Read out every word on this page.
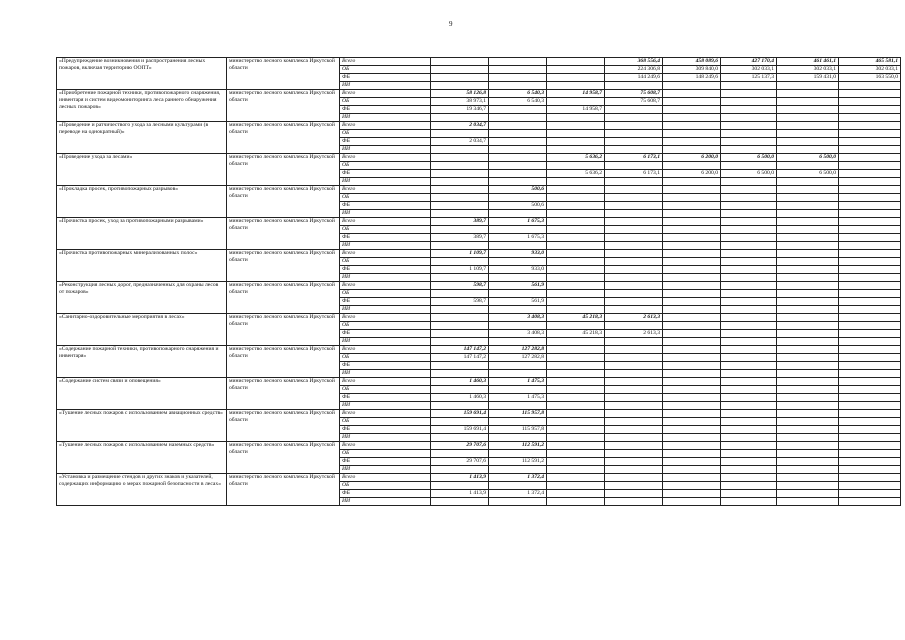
9
«Предупреждение возникновения и распространения лесных пожаров, включая территорию ООПТ»	министерство лесного комплекса Иркутской области	Всего				368 556,4	458 089,6	427 170,4	461 461,1	465 581,1
		ОБ				224 306,8	309 840,0	302 033,1	302 033,1	302 033,1
		ФБ				144 249,6	148 249,6	125 137,3	159 431,0	163 550,0
		ИИ								
«Приобретение пожарной техники, противопожарного снаряжения, инвентаря и систем видеомониторинга леса раннего обнаружения лесных пожаров»	министерство лесного комплекса Иркутской области	Всего	58 126,8	6 540,3	14 958,7	75 608,7				
		ОБ	38 973,1	6 540,3		75 608,7				
		ФБ	19 346,7		14 958,7					
		ИИ								
«Проведение и ратчичествого ухода за лесными культурами (в переводе на однократный)»	министерство лесного комплекса Иркутской области	Всего	2 034,7							
		ОБ								
		ФБ	2 034,7							
		ИИ								
«Проведение ухода за лесами»	министерство лесного комплекса Иркутской области	Всего			5 636,2	6 173,1	6 200,0	6 500,0	6 500,0	
		ОБ								
		ФБ			5 636,2	6 173,1	6 200,0	6 500,0	6 500,0	
		ИИ								
«Прокладка просек, противопожарных разрывов»	министерство лесного комплекса Иркутской области	Всего		500,6						
		ОБ								
		ФБ		500,6						
		ИИ								
«Прочистка просек, уход за противопожарными разрывами»	министерство лесного комплекса Иркутской области	Всего	389,7	1 675,3						
		ОБ								
		ФБ	389,7	1 675,3						
		ИИ								
«Прочистка противопожарных минерализованных полос»	министерство лесного комплекса Иркутской области	Всего	1 109,7	933,0						
		ОБ								
		ФБ	1 109,7	933,0						
		ИИ								
«Реконструкция лесных дорог, предназначенных для охраны лесов от пожаров»	министерство лесного комплекса Иркутской области	Всего	598,7	561,9						
		ОБ								
		ФБ	598,7	561,9						
		ИИ								
«Санитарно-оздоровительные мероприятия в лесах»	министерство лесного комплекса Иркутской области	Всего		3 408,3	45 218,3	2 613,3				
		ОБ								
		ФБ		3 408,3	45 218,3	2 613,3				
		ИИ								
«Содержание пожарной техники, противопожарного снаряжения и инвентаря»	министерство лесного комплекса Иркутской области	Всего	147 147,2	127 282,8						
		ОБ	147 147,2	127 282,8						
		ФБ								
		ИИ								
«Содержание систем связи и оповещения»	министерство лесного комплекса Иркутской области	Всего	1 460,3	1 475,3						
		ОБ								
		ФБ	1 460,3	1 475,3						
		ИИ								
«Тушение лесных пожаров с использованием авиационных средств»	министерство лесного комплекса Иркутской области	Всего	159 691,4	115 957,8						
		ОБ								
		ФБ	159 691,4	115 957,8						
		ИИ								
«Тушение лесных пожаров с использованием наземных средств»	министерство лесного комплекса Иркутской области	Всего	29 707,6	112 591,2						
		ОБ								
		ФБ	29 707,6	112 591,2						
		ИИ								
«Установка и размещение стендов и других знаков и указателей, содержащих информацию о мерах пожарной безопасности в лесах»	министерство лесного комплекса Иркутской области	Всего	1 413,9	1 372,4						
		ОБ								
		ФБ	1 413,9	1 372,4						
		ИИ								
